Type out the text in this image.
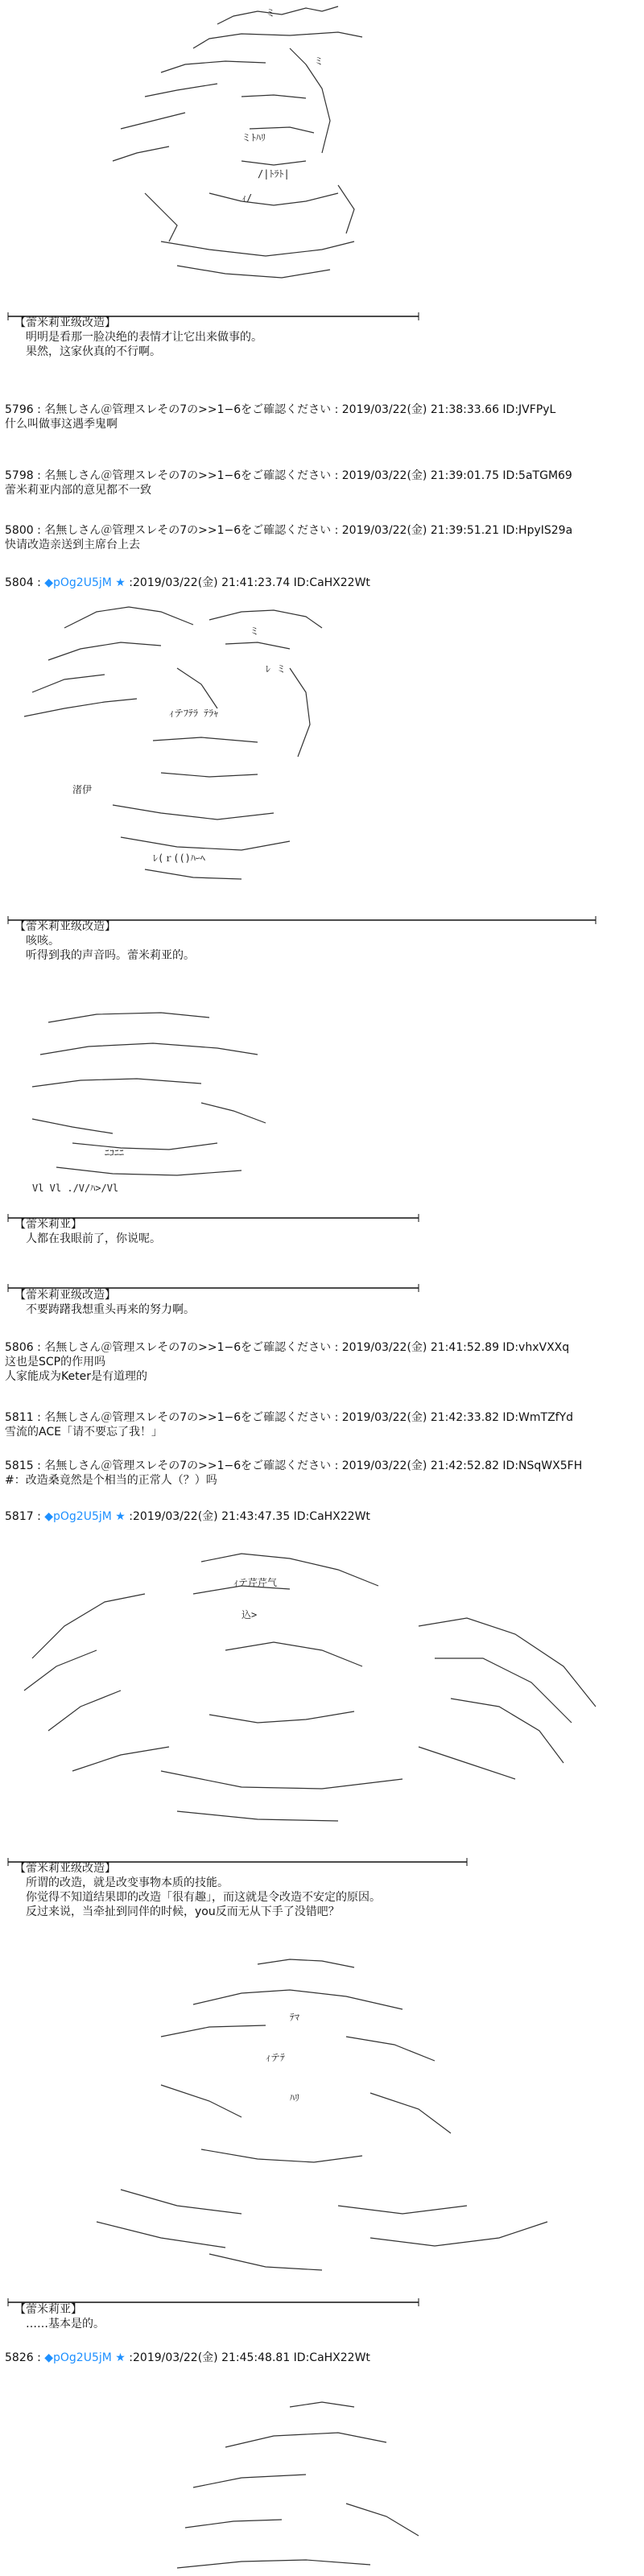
ミ
ミ
ミﾄﾊﾘ
/|ﾄﾗﾄ|
ｨ/
【蕾米莉亚级改造】
明明是看那一脸决绝的表情才让它出来做事的。
果然，这家伙真的不行啊。
5796 : 名無しさん＠管理スレその7の>>1−6をご確認ください : 2019/03/22(金) 21:38:33.66 ID:JVFPyL
什么叫做事这遇季鬼啊
5798 : 名無しさん＠管理スレその7の>>1−6をご確認ください : 2019/03/22(金) 21:39:01.75 ID:5aTGM69
蕾米莉亚内部的意见都不一致
5800 : 名無しさん＠管理スレその7の>>1−6をご確認ください : 2019/03/22(金) 21:39:51.21 ID:HpyIS29a
快请改造亲送到主席台上去
5804 : ◆pOg2U5jM ★ :2019/03/22(金) 21:41:23.74 ID:CaHX22Wt
ミ
ﾚ ミ
ｨテﾌﾃﾗ ﾃﾗｬ
渚伊
ﾚ(ｒ(()ﾊｰﾍ
【蕾米莉亚级改造】
咳咳。
听得到我的声音吗。蕾米莉亚的。
ﾆｺﾆﾆ
Vl Vl ./V/ﾊ>/Vl
【蕾米莉亚】
人都在我眼前了，你说呢。
【蕾米莉亚级改造】
不要踌躇我想重头再来的努力啊。
5806 : 名無しさん＠管理スレその7の>>1−6をご確認ください : 2019/03/22(金) 21:41:52.89 ID:vhxVXXq
这也是SCP的作用吗
人家能成为Keter是有道理的
5811 : 名無しさん＠管理スレその7の>>1−6をご確認ください : 2019/03/22(金) 21:42:33.82 ID:WmTZfYd
雪流的ACE「请不要忘了我！」
5815 : 名無しさん＠管理スレその7の>>1−6をご確認ください : 2019/03/22(金) 21:42:52.82 ID:NSqWX5FH
#：改造桑竟然是个相当的正常人（？）吗
5817 : ◆pOg2U5jM ★ :2019/03/22(金) 21:43:47.35 ID:CaHX22Wt
ｨテ芹芹气
込>
【蕾米莉亚级改造】
所谓的改造，就是改变事物本质的技能。
你觉得不知道结果即的改造「很有趣」，而这就是令改造不安定的原因。
反过来说，当牵扯到同伴的时候，you反而无从下手了没错吧？
ﾃﾏ
ｨテﾃ
ﾊﾘ
【蕾米莉亚】
……基本是的。
5826 : ◆pOg2U5jM ★ :2019/03/22(金) 21:45:48.81 ID:CaHX22Wt
